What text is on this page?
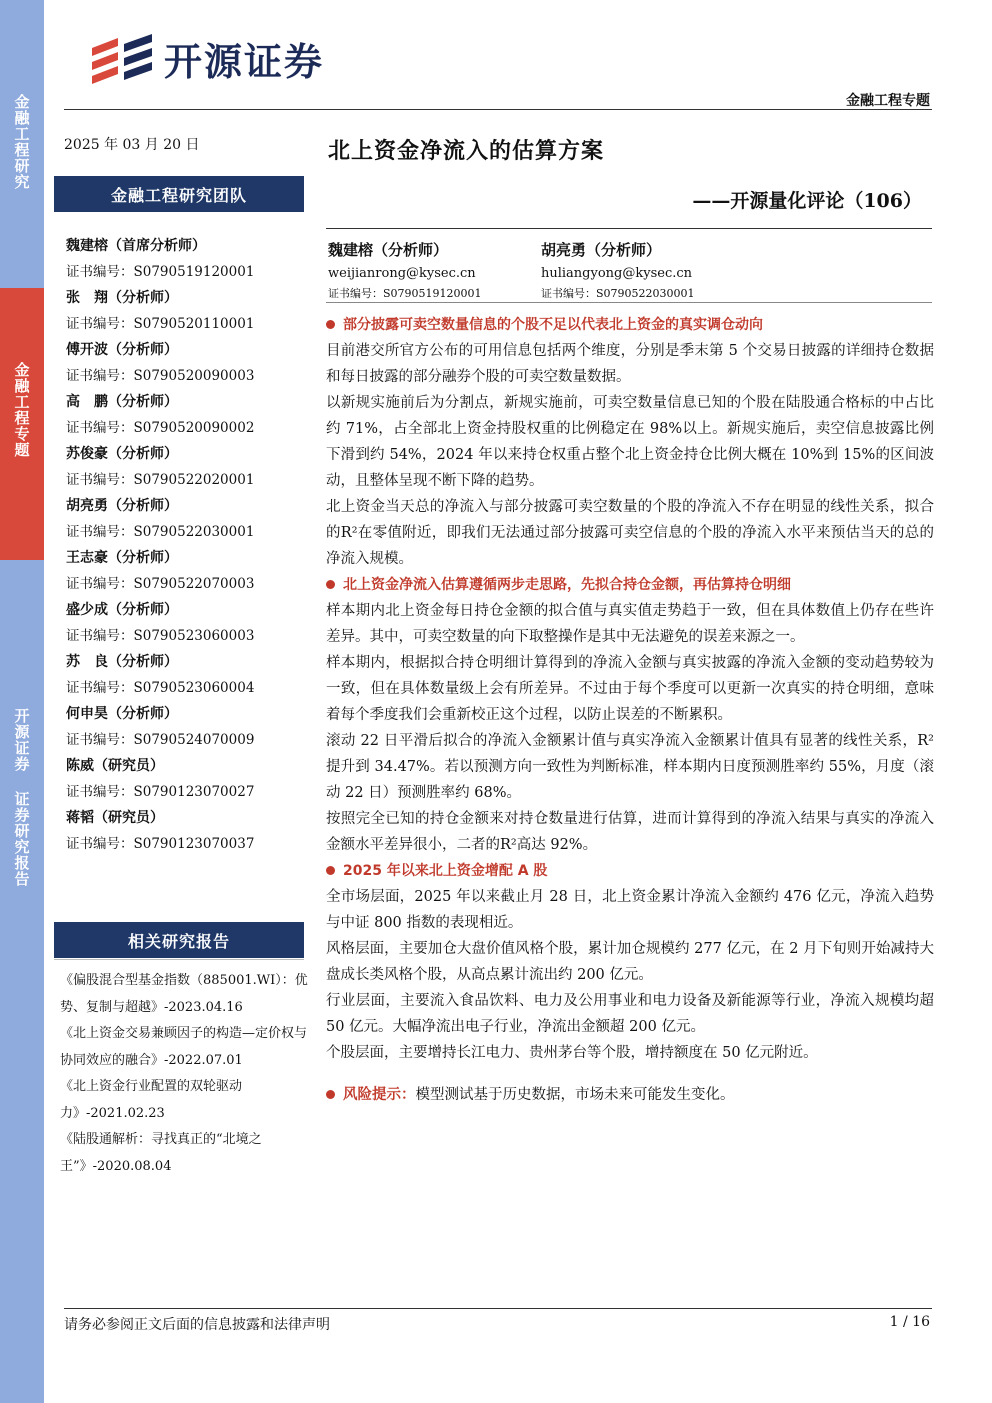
金融工程研究
金融工程专题
开源证券 证券研究报告
开源证券
金融工程专题
2025 年 03 月 20 日
金融工程研究团队
魏建榕（首席分析师）
证书编号：S0790519120001
张　翔（分析师）
证书编号：S0790520110001
傅开波（分析师）
证书编号：S0790520090003
高　鹏（分析师）
证书编号：S0790520090002
苏俊豪（分析师）
证书编号：S0790522020001
胡亮勇（分析师）
证书编号：S0790522030001
王志豪（分析师）
证书编号：S0790522070003
盛少成（分析师）
证书编号：S0790523060003
苏　良（分析师）
证书编号：S0790523060004
何申昊（分析师）
证书编号：S0790524070009
陈威（研究员）
证书编号：S0790123070027
蒋韬（研究员）
证书编号：S0790123070037
相关研究报告
《偏股混合型基金指数（885001.WI）：优势、复制与超越》-2023.04.16
《北上资金交易兼顾因子的构造—定价权与协同效应的融合》-2022.07.01
《北上资金行业配置的双轮驱动力》-2021.02.23
《陆股通解析：寻找真正的“北境之王”》-2020.08.04
北上资金净流入的估算方案
——开源量化评论（106）
魏建榕（分析师）
weijianrong@kysec.cn
证书编号：S0790519120001
胡亮勇（分析师）
huliangyong@kysec.cn
证书编号：S0790522030001
部分披露可卖空数量信息的个股不足以代表北上资金的真实调仓动向
目前港交所官方公布的可用信息包括两个维度，分别是季末第 5 个交易日披露的详细持仓数据和每日披露的部分融券个股的可卖空数量数据。
以新规实施前后为分割点，新规实施前，可卖空数量信息已知的个股在陆股通合格标的中占比约 71%，占全部北上资金持股权重的比例稳定在 98%以上。新规实施后，卖空信息披露比例下滑到约 54%，2024 年以来持仓权重占整个北上资金持仓比例大概在 10%到 15%的区间波动，且整体呈现不断下降的趋势。
北上资金当天总的净流入与部分披露可卖空数量的个股的净流入不存在明显的线性关系，拟合的R²在零值附近，即我们无法通过部分披露可卖空信息的个股的净流入水平来预估当天的总的净流入规模。
北上资金净流入估算遵循两步走思路，先拟合持仓金额，再估算持仓明细
样本期内北上资金每日持仓金额的拟合值与真实值走势趋于一致，但在具体数值上仍存在些许差异。其中，可卖空数量的向下取整操作是其中无法避免的误差来源之一。
样本期内，根据拟合持仓明细计算得到的净流入金额与真实披露的净流入金额的变动趋势较为一致，但在具体数量级上会有所差异。不过由于每个季度可以更新一次真实的持仓明细，意味着每个季度我们会重新校正这个过程，以防止误差的不断累积。
滚动 22 日平滑后拟合的净流入金额累计值与真实净流入金额累计值具有显著的线性关系，R²提升到 34.47%。若以预测方向一致性为判断标准，样本期内日度预测胜率约 55%，月度（滚动 22 日）预测胜率约 68%。
按照完全已知的持仓金额来对持仓数量进行估算，进而计算得到的净流入结果与真实的净流入金额水平差异很小，二者的R²高达 92%。
2025 年以来北上资金增配 A 股
全市场层面，2025 年以来截止月 28 日，北上资金累计净流入金额约 476 亿元，净流入趋势与中证 800 指数的表现相近。
风格层面，主要加仓大盘价值风格个股，累计加仓规模约 277 亿元，在 2 月下旬则开始减持大盘成长类风格个股，从高点累计流出约 200 亿元。
行业层面，主要流入食品饮料、电力及公用事业和电力设备及新能源等行业，净流入规模均超 50 亿元。大幅净流出电子行业，净流出金额超 200 亿元。
个股层面，主要增持长江电力、贵州茅台等个股，增持额度在 50 亿元附近。
风险提示：模型测试基于历史数据，市场未来可能发生变化。
请务必参阅正文后面的信息披露和法律声明	1 / 16
